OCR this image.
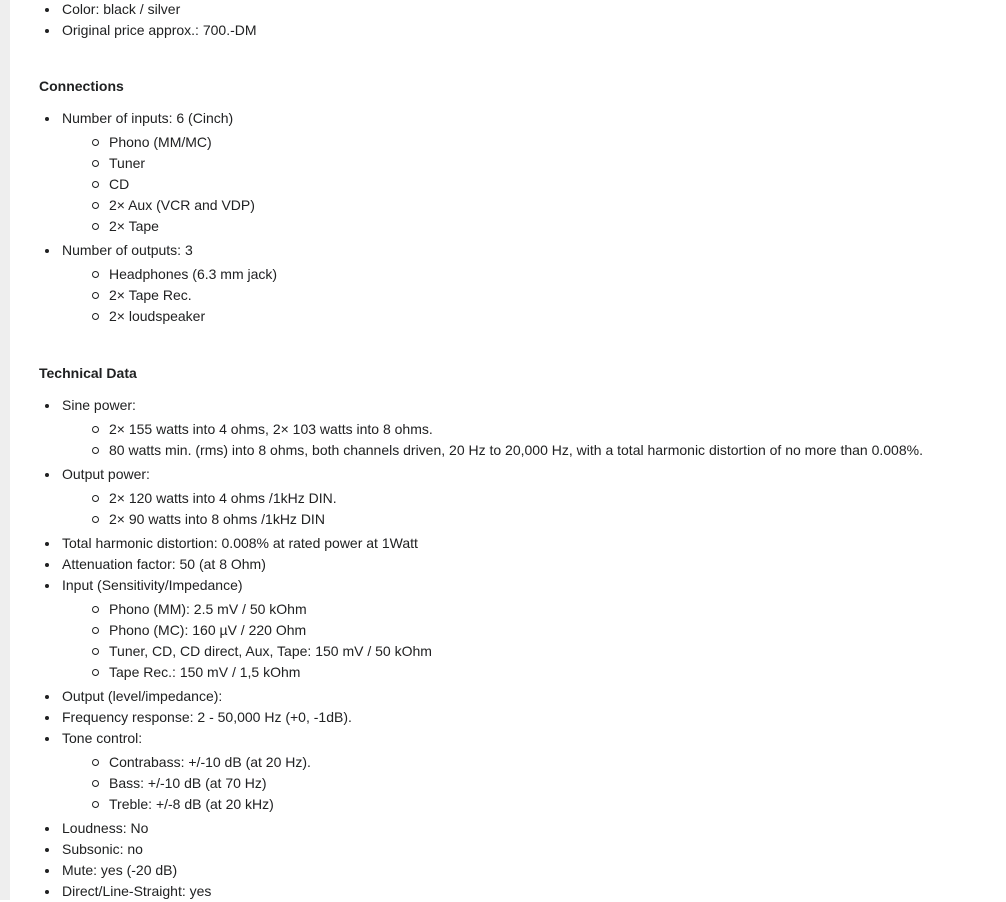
Color: black / silver
Original price approx.: 700.-DM
Connections
Number of inputs: 6 (Cinch)
Phono (MM/MC)
Tuner
CD
2× Aux (VCR and VDP)
2× Tape
Number of outputs: 3
Headphones (6.3 mm jack)
2× Tape Rec.
2× loudspeaker
Technical Data
Sine power:
2× 155 watts into 4 ohms, 2× 103 watts into 8 ohms.
80 watts min. (rms) into 8 ohms, both channels driven, 20 Hz to 20,000 Hz, with a total harmonic distortion of no more than 0.008%.
Output power:
2× 120 watts into 4 ohms /1kHz DIN.
2× 90 watts into 8 ohms /1kHz DIN
Total harmonic distortion: 0.008% at rated power at 1Watt
Attenuation factor: 50 (at 8 Ohm)
Input (Sensitivity/Impedance)
Phono (MM): 2.5 mV / 50 kOhm
Phono (MC): 160 µV / 220 Ohm
Tuner, CD, CD direct, Aux, Tape: 150 mV / 50 kOhm
Tape Rec.: 150 mV / 1,5 kOhm
Output (level/impedance):
Frequency response: 2 - 50,000 Hz (+0, -1dB).
Tone control:
Contrabass: +/-10 dB (at 20 Hz).
Bass: +/-10 dB (at 70 Hz)
Treble: +/-8 dB (at 20 kHz)
Loudness: No
Subsonic: no
Mute: yes (-20 dB)
Direct/Line-Straight: yes
